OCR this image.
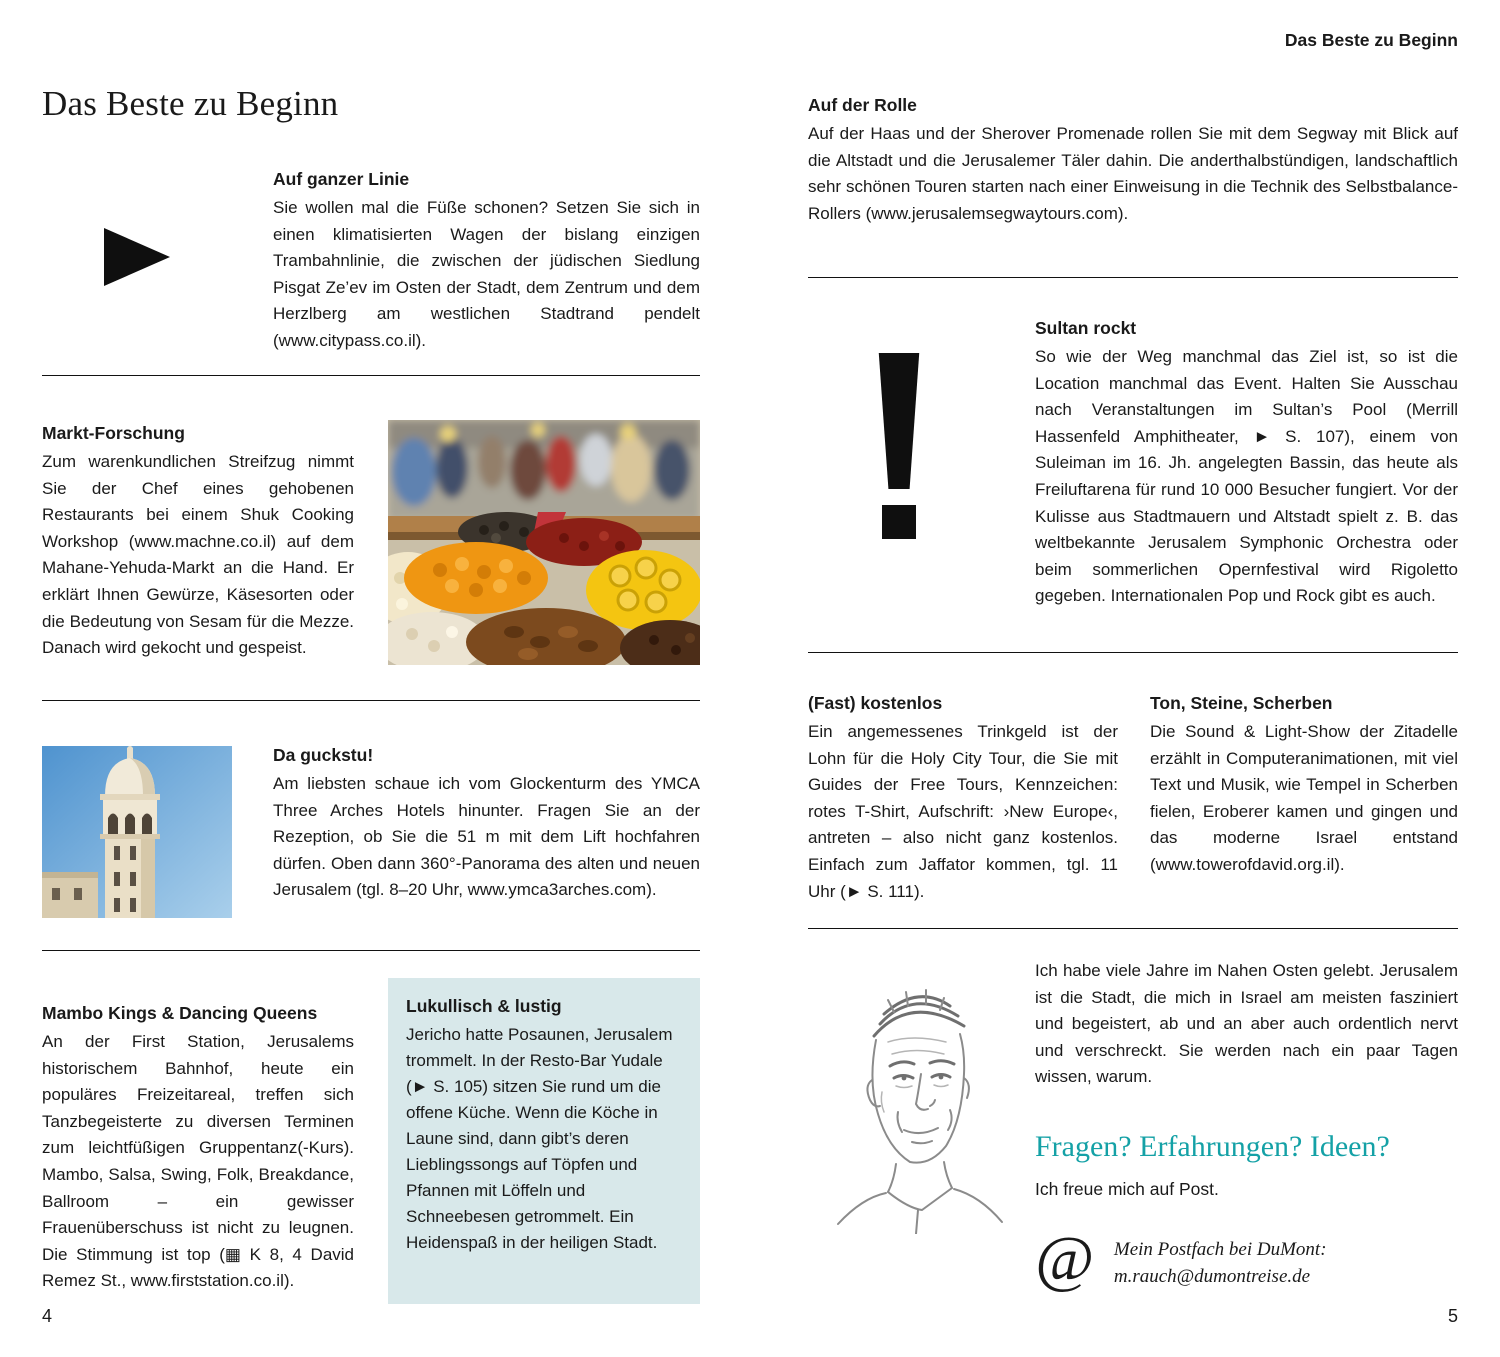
Das Beste zu Beginn
Auf ganzer Linie
Sie wollen mal die Füße schonen? Setzen Sie sich in einen klimatisierten Wagen der bislang einzigen Trambahnlinie, die zwischen der jüdischen Siedlung Pisgat Ze’ev im Osten der Stadt, dem Zentrum und dem Herzlberg am westlichen Stadtrand pendelt (www.citypass.co.il).
Markt-Forschung
Zum warenkundlichen Streifzug nimmt Sie der Chef eines gehobenen Restaurants bei einem Shuk Cooking Workshop (www.machne.co.il) auf dem Mahane-Yehuda-Markt an die Hand. Er erklärt Ihnen Gewürze, Käsesorten oder die Bedeutung von Sesam für die Mezze. Danach wird gekocht und gespeist.
Da guckstu!
Am liebsten schaue ich vom Glockenturm des YMCA Three Arches Hotels hinunter. Fragen Sie an der Rezeption, ob Sie die 51 m mit dem Lift hochfahren dürfen. Oben dann 360°-Panorama des alten und neuen Jerusalem (tgl. 8–20 Uhr, www.ymca3arches.com).
Mambo Kings & Dancing Queens
An der First Station, Jerusalems historischem Bahnhof, heute ein populäres Freizeitareal, treffen sich Tanzbegeisterte zu diversen Terminen zum leichtfüßigen Gruppentanz(-Kurs). Mambo, Salsa, Swing, Folk, Breakdance, Ballroom – ein gewisser Frauenüberschuss ist nicht zu leugnen. Die Stimmung ist top (▦ K 8, 4 David Remez St., www.firststation.co.il).
Lukullisch & lustig
Jericho hatte Posaunen, Jerusalem trommelt. In der Resto-Bar Yudale (► S. 105) sitzen Sie rund um die offene Küche. Wenn die Köche in Laune sind, dann gibt’s deren Lieblingssongs auf Töpfen und Pfannen mit Löffeln und Schneebesen getrommelt. Ein Heidenspaß in der heiligen Stadt.
4
Das Beste zu Beginn
Auf der Rolle
Auf der Haas und der Sherover Promenade rollen Sie mit dem Segway mit Blick auf die Altstadt und die Jerusalemer Täler dahin. Die anderthalbstündigen, landschaftlich sehr schönen Touren starten nach einer Einweisung in die Technik des Selbstbalance-Rollers (www.jerusalemsegwaytours.com).
Sultan rockt
So wie der Weg manchmal das Ziel ist, so ist die Location manchmal das Event. Halten Sie Ausschau nach Veranstaltungen im Sultan’s Pool (Merrill Hassenfeld Amphitheater, ► S. 107), einem von Suleiman im 16. Jh. angelegten Bassin, das heute als Freiluftarena für rund 10 000 Besucher fungiert. Vor der Kulisse aus Stadtmauern und Altstadt spielt z. B. das weltbekannte Jerusalem Symphonic Orchestra oder beim sommerlichen Opernfestival wird Rigoletto gegeben. Internationalen Pop und Rock gibt es auch.
(Fast) kostenlos
Ein angemessenes Trinkgeld ist der Lohn für die Holy City Tour, die Sie mit Guides der Free Tours, Kennzeichen: rotes T-Shirt, Aufschrift: ›New Europe‹, antreten – also nicht ganz kostenlos. Einfach zum Jaffator kommen, tgl. 11 Uhr (► S. 111).
Ton, Steine, Scherben
Die Sound & Light-Show der Zitadelle erzählt in Computeranimationen, mit viel Text und Musik, wie Tempel in Scherben fielen, Eroberer kamen und gingen und das moderne Israel entstand (www.towerofdavid.org.il).
Ich habe viele Jahre im Nahen Osten gelebt. Jerusalem ist die Stadt, die mich in Israel am meisten fasziniert und begeistert, ab und an aber auch ordentlich nervt und verschreckt. Sie werden nach ein paar Tagen wissen, warum.
Fragen? Erfahrungen? Ideen?
Ich freue mich auf Post.
@ Mein Postfach bei DuMont:
m.rauch@dumontreise.de
5
